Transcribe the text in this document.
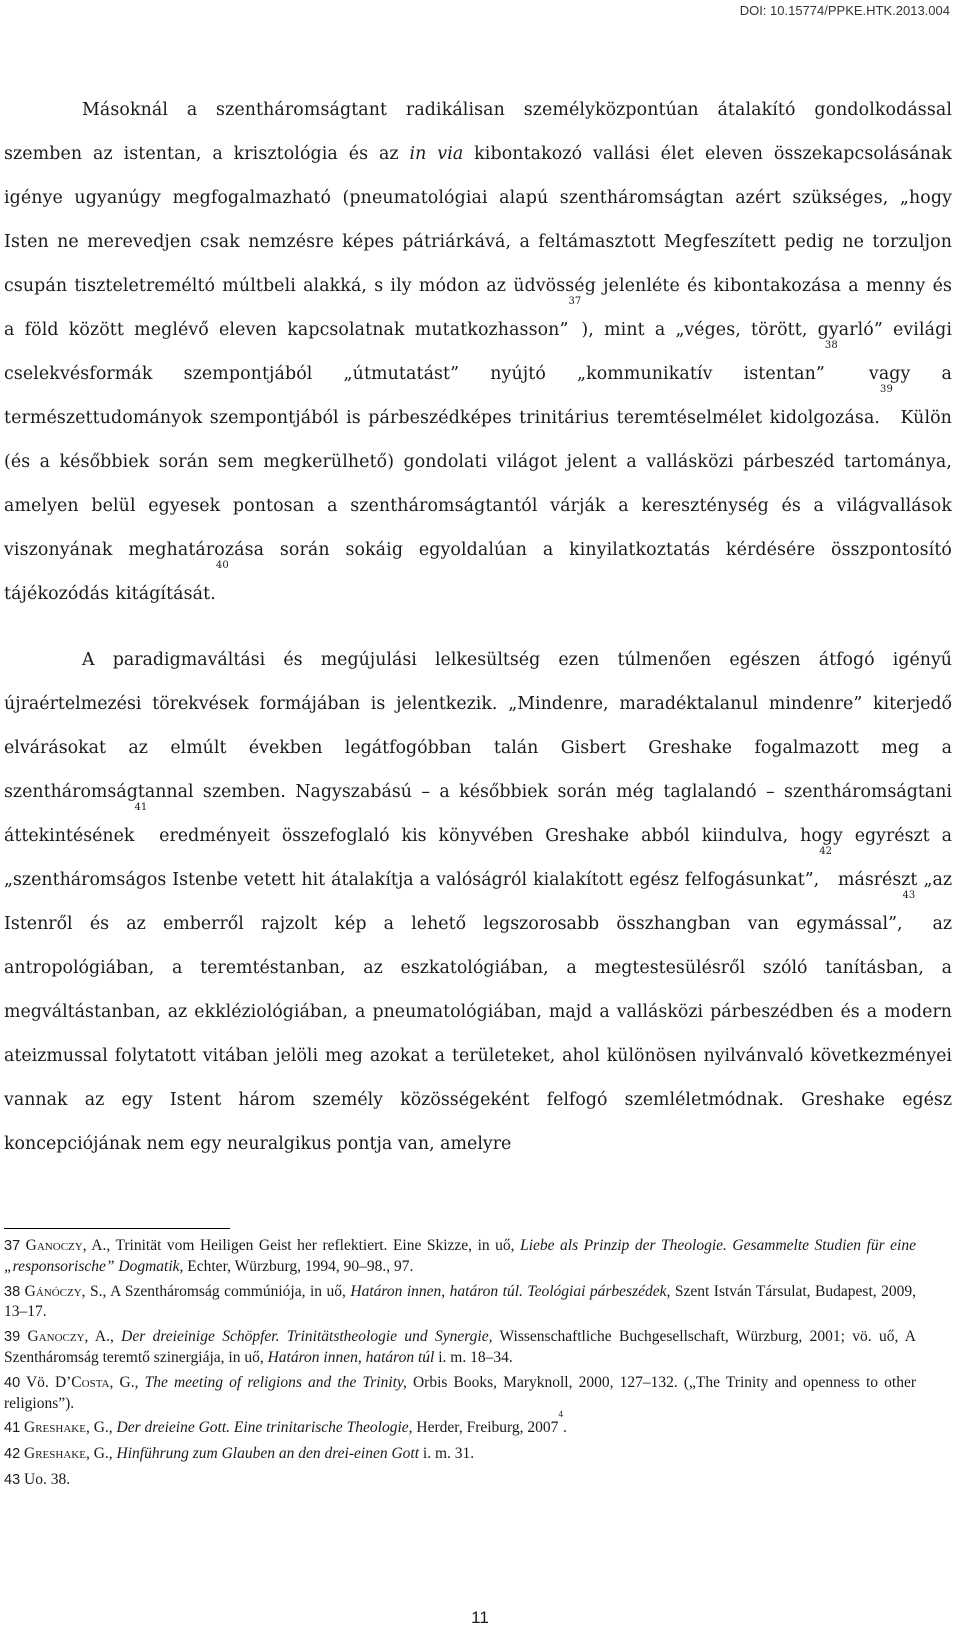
DOI: 10.15774/PPKE.HTK.2013.004

Másoknál a szentháromságtant radikálisan személyközpontúan átalakító gondolkodással szemben az istentan, a krisztológia és az in via kibontakozó vallási élet eleven összekapcsolásának igénye ugyanúgy megfogalmazható (pneumatológiai alapú szentháromságtan azért szükséges, „hogy Isten ne merevedjen csak nemzésre képes pátriárkává, a feltámasztott Megfeszített pedig ne torzuljon csupán tiszteletreméltó múltbeli alakká, s ily módon az üdvösség jelenléte és kibontakozása a menny és a föld között meglévő eleven kapcsolatnak mutatkozhasson”$^{37}$), mint a „véges, törött, gyarló” evilági cselekvésformák szempontjából „útmutatást” nyújtó „kommunikatív istentan”$^{38}$ vagy a természettudományok szempontjából is párbeszédképes trinitárius teremtéselmélet kidolgozása.$^{39}$ Külön (és a későbbiek során sem megkerülhető) gondolati világot jelent a vallásközi párbeszéd tartománya, amelyen belül egyesek pontosan a szentháromságtantól várják a kereszténység és a világvallások viszonyának meghatározása során sokáig egyoldalúan a kinyilatkoztatás kérdésére összpontosító tájékozódás kitágítását.$^{40}$

A paradigmaváltási és megújulási lelkesültség ezen túlmenően egészen átfogó igényű újraértelmezési törekvések formájában is jelentkezik. „Mindenre, maradéktalanul mindenre” kiterjedő elvárásokat az elmúlt években legátfogóbban talán Gisbert Greshake fogalmazott meg a szentháromságtannal szemben. Nagyszabású – a későbbiek során még taglalandó – szentháromságtani áttekintésének$^{41}$ eredményeit összefoglaló kis könyvében Greshake abból kiindulva, hogy egyrészt a „szentháromságos Istenbe vetett hit átalakítja a valóságról kialakított egész felfogásunkat”,$^{42}$ másrészt „az Istenről és az emberről rajzolt kép a lehető legszorosabb összhangban van egymással”,$^{43}$ az antropológiában, a teremtéstanban, az eszkatológiában, a megtestesülésről szóló tanításban, a megváltástanban, az ekkléziológiában, a pneumatológiában, majd a vallásközi párbeszédben és a modern ateizmussal folytatott vitában jelöli meg azokat a területeket, ahol különösen nyilvánvaló következményei vannak az egy Istent három személy közösségeként felfogó szemléletmódnak. Greshake egész koncepciójának nem egy neuralgikus pontja van, amelyre

37 Ganoczy, A., Trinität vom Heiligen Geist her reflektiert. Eine Skizze, in uő, Liebe als Prinzip der Theologie. Gesammelte Studien für eine „responsorische” Dogmatik, Echter, Würzburg, 1994, 90–98., 97.
38 Gánóczy, S., A Szentháromság commúniója, in uő, Határon innen, határon túl. Teológiai párbeszédek, Szent István Társulat, Budapest, 2009, 13–17.
39 Ganoczy, A., Der dreieinige Schöpfer. Trinitätstheologie und Synergie, Wissenschaftliche Buchgesellschaft, Würzburg, 2001; vö. uő, A Szentháromság teremtő szinergiája, in uő, Határon innen, határon túl i. m. 18–34.
40 Vö. D’Costa, G., The meeting of religions and the Trinity, Orbis Books, Maryknoll, 2000, 127–132. („The Trinity and openness to other religions”).
41 Greshake, G., Der dreieine Gott. Eine trinitarische Theologie, Herder, Freiburg, 2007$^4$.
42 Greshake, G., Hinführung zum Glauben an den drei-einen Gott i. m. 31.
43 Uo. 38.
11
